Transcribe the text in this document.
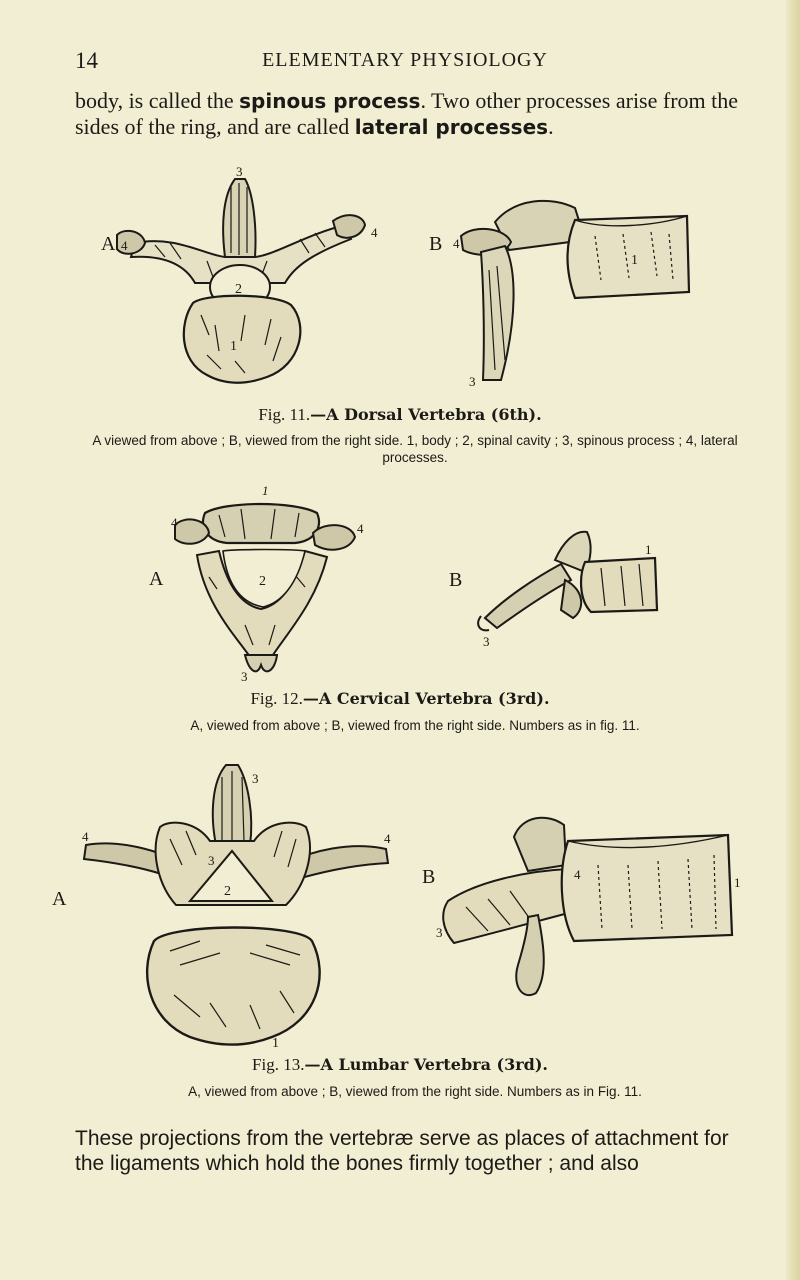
14	ELEMENTARY PHYSIOLOGY

body, is called the spinous process. Two other processes arise from the sides of the ring, and are called lateral processes.

A 4
3
4
2
1
B 4
1
3
Fig. 11.—A Dorsal Vertebra (6th).
A viewed from above ; B, viewed from the right side. 1, body ; 2, spinal cavity ; 3, spinous process ; 4, lateral processes.
A
1
4	4
2
3
B
1
3
Fig. 12.—A Cervical Vertebra (3rd).
A, viewed from above ; B, viewed from the right side. Numbers as in fig. 11.
A
3
4	4
3
2
1
B	4
1
3
Fig. 13.—A Lumbar Vertebra (3rd).
A, viewed from above ; B, viewed from the right side. Numbers as in Fig. 11.

These projections from the vertebræ serve as places of attachment for the ligaments which hold the bones firmly together ; and also
